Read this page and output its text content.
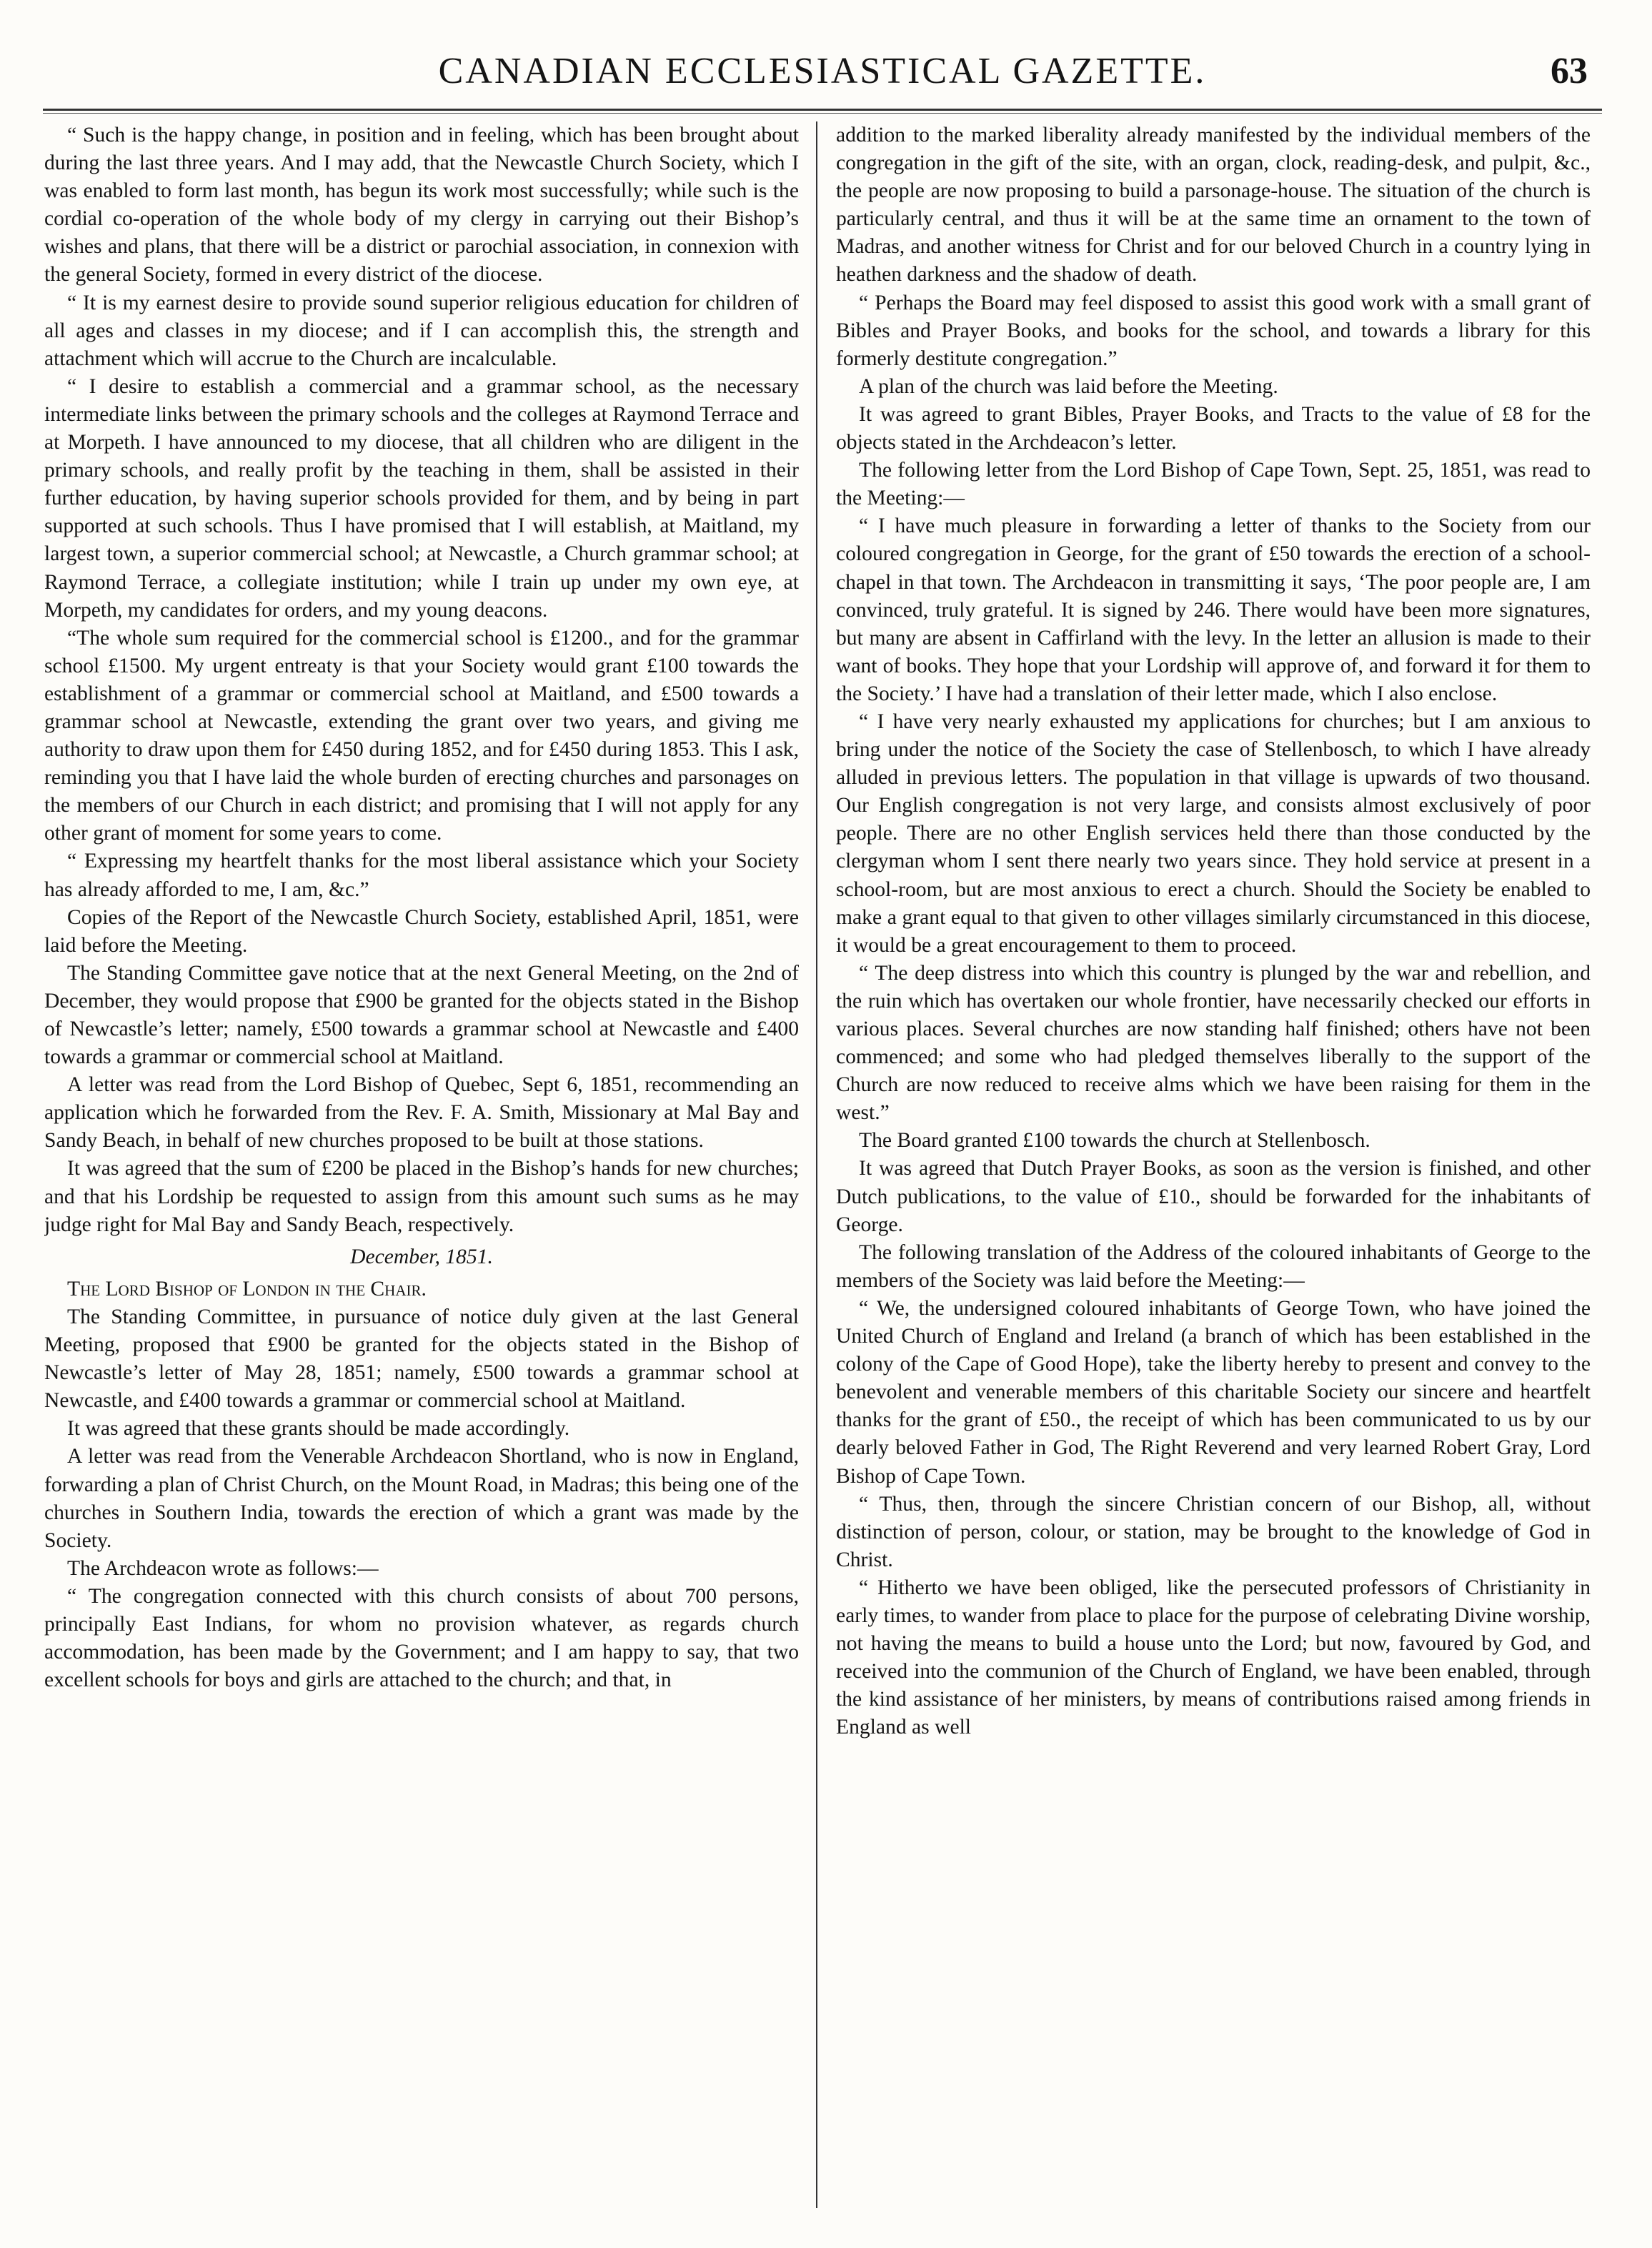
CANADIAN ECCLESIASTICAL GAZETTE.	63

“ Such is the happy change, in position and in feeling, which has been brought about during the last three years. And I may add, that the Newcastle Church Society, which I was enabled to form last month, has begun its work most successfully; while such is the cordial co-operation of the whole body of my clergy in carrying out their Bishop’s wishes and plans, that there will be a district or parochial association, in connexion with the general Society, formed in every district of the diocese.

“ It is my earnest desire to provide sound superior religious education for children of all ages and classes in my diocese; and if I can accomplish this, the strength and attachment which will accrue to the Church are incalculable.

“ I desire to establish a commercial and a grammar school, as the necessary intermediate links between the primary schools and the colleges at Raymond Terrace and at Morpeth. I have announced to my diocese, that all children who are diligent in the primary schools, and really profit by the teaching in them, shall be assisted in their further education, by having superior schools provided for them, and by being in part supported at such schools. Thus I have promised that I will establish, at Maitland, my largest town, a superior commercial school; at Newcastle, a Church grammar school; at Raymond Terrace, a collegiate institution; while I train up under my own eye, at Morpeth, my candidates for orders, and my young deacons.

“The whole sum required for the commercial school is £1200., and for the grammar school £1500. My urgent entreaty is that your Society would grant £100 towards the establishment of a grammar or commercial school at Maitland, and £500 towards a grammar school at Newcastle, extending the grant over two years, and giving me authority to draw upon them for £450 during 1852, and for £450 during 1853. This I ask, reminding you that I have laid the whole burden of erecting churches and parsonages on the members of our Church in each district; and promising that I will not apply for any other grant of moment for some years to come.

“ Expressing my heartfelt thanks for the most liberal assistance which your Society has already afforded to me, I am, &c.”

Copies of the Report of the Newcastle Church Society, established April, 1851, were laid before the Meeting.

The Standing Committee gave notice that at the next General Meeting, on the 2nd of December, they would propose that £900 be granted for the objects stated in the Bishop of Newcastle’s letter; namely, £500 towards a grammar school at Newcastle and £400 towards a grammar or commercial school at Maitland.

A letter was read from the Lord Bishop of Quebec, Sept 6, 1851, recommending an application which he forwarded from the Rev. F. A. Smith, Missionary at Mal Bay and Sandy Beach, in behalf of new churches proposed to be built at those stations.

It was agreed that the sum of £200 be placed in the Bishop’s hands for new churches; and that his Lordship be requested to assign from this amount such sums as he may judge right for Mal Bay and Sandy Beach, respectively.

December, 1851.

The Lord Bishop of London in the Chair.

The Standing Committee, in pursuance of notice duly given at the last General Meeting, proposed that £900 be granted for the objects stated in the Bishop of Newcastle’s letter of May 28, 1851; namely, £500 towards a grammar school at Newcastle, and £400 towards a grammar or commercial school at Maitland.

It was agreed that these grants should be made accordingly.

A letter was read from the Venerable Archdeacon Shortland, who is now in England, forwarding a plan of Christ Church, on the Mount Road, in Madras; this being one of the churches in Southern India, towards the erection of which a grant was made by the Society.

The Archdeacon wrote as follows:—

“ The congregation connected with this church consists of about 700 persons, principally East Indians, for whom no provision whatever, as regards church accommodation, has been made by the Government; and I am happy to say, that two excellent schools for boys and girls are attached to the church; and that, in

addition to the marked liberality already manifested by the individual members of the congregation in the gift of the site, with an organ, clock, reading-desk, and pulpit, &c., the people are now proposing to build a parsonage-house. The situation of the church is particularly central, and thus it will be at the same time an ornament to the town of Madras, and another witness for Christ and for our beloved Church in a country lying in heathen darkness and the shadow of death.

“ Perhaps the Board may feel disposed to assist this good work with a small grant of Bibles and Prayer Books, and books for the school, and towards a library for this formerly destitute congregation.”

A plan of the church was laid before the Meeting.

It was agreed to grant Bibles, Prayer Books, and Tracts to the value of £8 for the objects stated in the Archdeacon’s letter.

The following letter from the Lord Bishop of Cape Town, Sept. 25, 1851, was read to the Meeting:—

“ I have much pleasure in forwarding a letter of thanks to the Society from our coloured congregation in George, for the grant of £50 towards the erection of a school-chapel in that town. The Archdeacon in transmitting it says, ‘The poor people are, I am convinced, truly grateful. It is signed by 246. There would have been more signatures, but many are absent in Caffirland with the levy. In the letter an allusion is made to their want of books. They hope that your Lordship will approve of, and forward it for them to the Society.’ I have had a translation of their letter made, which I also enclose.

“ I have very nearly exhausted my applications for churches; but I am anxious to bring under the notice of the Society the case of Stellenbosch, to which I have already alluded in previous letters. The population in that village is upwards of two thousand. Our English congregation is not very large, and consists almost exclusively of poor people. There are no other English services held there than those conducted by the clergyman whom I sent there nearly two years since. They hold service at present in a school-room, but are most anxious to erect a church. Should the Society be enabled to make a grant equal to that given to other villages similarly circumstanced in this diocese, it would be a great encouragement to them to proceed.

“ The deep distress into which this country is plunged by the war and rebellion, and the ruin which has overtaken our whole frontier, have necessarily checked our efforts in various places. Several churches are now standing half finished; others have not been commenced; and some who had pledged themselves liberally to the support of the Church are now reduced to receive alms which we have been raising for them in the west.”

The Board granted £100 towards the church at Stellenbosch.

It was agreed that Dutch Prayer Books, as soon as the version is finished, and other Dutch publications, to the value of £10., should be forwarded for the inhabitants of George.

The following translation of the Address of the coloured inhabitants of George to the members of the Society was laid before the Meeting:—

“ We, the undersigned coloured inhabitants of George Town, who have joined the United Church of England and Ireland (a branch of which has been established in the colony of the Cape of Good Hope), take the liberty hereby to present and convey to the benevolent and venerable members of this charitable Society our sincere and heartfelt thanks for the grant of £50., the receipt of which has been communicated to us by our dearly beloved Father in God, The Right Reverend and very learned Robert Gray, Lord Bishop of Cape Town.

“ Thus, then, through the sincere Christian concern of our Bishop, all, without distinction of person, colour, or station, may be brought to the knowledge of God in Christ.

“ Hitherto we have been obliged, like the persecuted professors of Christianity in early times, to wander from place to place for the purpose of celebrating Divine worship, not having the means to build a house unto the Lord; but now, favoured by God, and received into the communion of the Church of England, we have been enabled, through the kind assistance of her ministers, by means of contributions raised among friends in England as well
